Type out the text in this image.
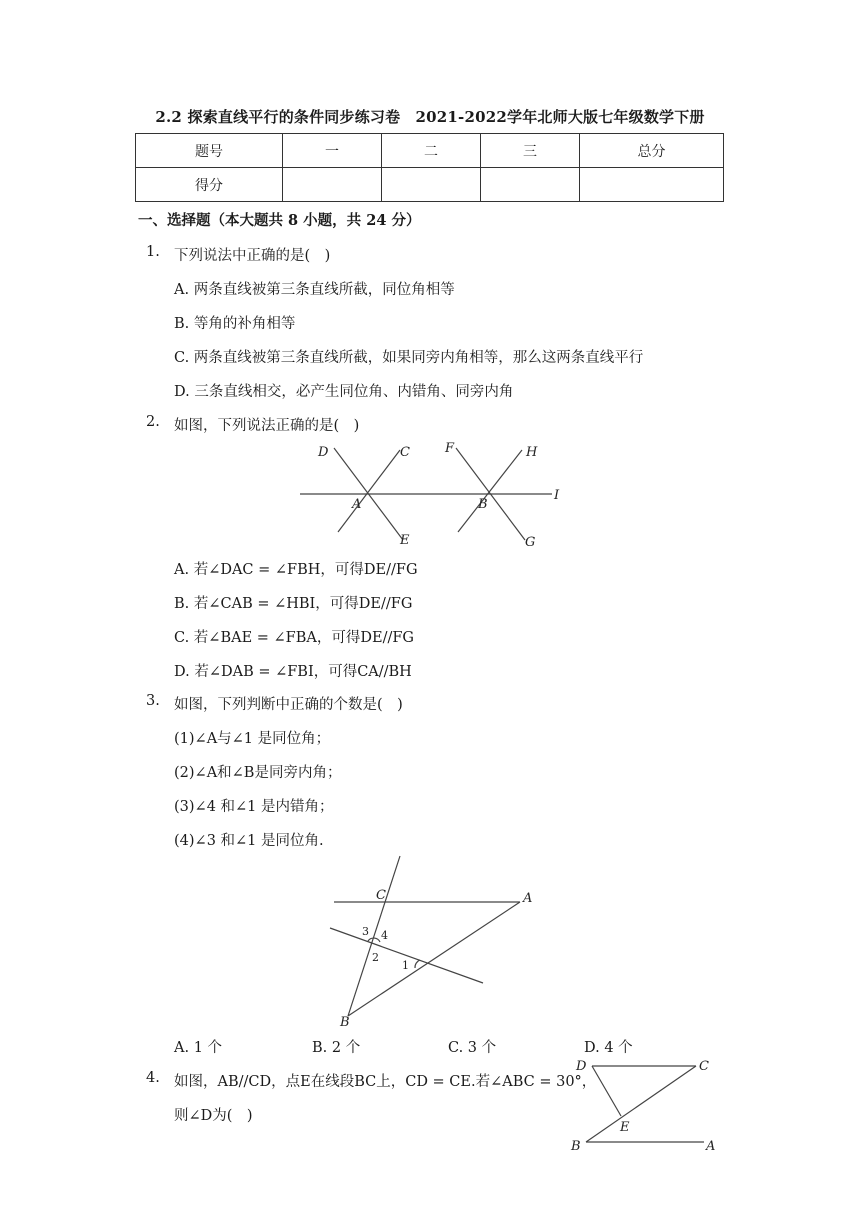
2.2 探索直线平行的条件同步练习卷　2021-2022学年北师大版七年级数学下册
题号	一	二	三	总分
得分				
一、选择题（本大题共 8 小题，共 24 分）
1. 下列说法中正确的是(　)
A. 两条直线被第三条直线所截，同位角相等
B. 等角的补角相等
C. 两条直线被第三条直线所截，如果同旁内角相等，那么这两条直线平行
D. 三条直线相交，必产生同位角、内错角、同旁内角
2. 如图，下列说法正确的是(　)
D	C
A
E
F	H
B
I
G
A. 若∠DAC = ∠FBH，可得DE//FG
B. 若∠CAB = ∠HBI，可得DE//FG
C. 若∠BAE = ∠FBA，可得DE//FG
D. 若∠DAB = ∠FBI，可得CA//BH
3. 如图，下列判断中正确的个数是(　)
(1)∠A与∠1 是同位角；
(2)∠A和∠B是同旁内角；
(3)∠4 和∠1 是内错角；
(4)∠3 和∠1 是同位角.
C	A
B
3 4
2
1
A. 1 个	B. 2 个	C. 3 个	D. 4 个
4. 如图，AB//CD，点E在线段BC上，CD = CE.若∠ABC = 30°，
则∠D为(　)
D	C
E
B	A
